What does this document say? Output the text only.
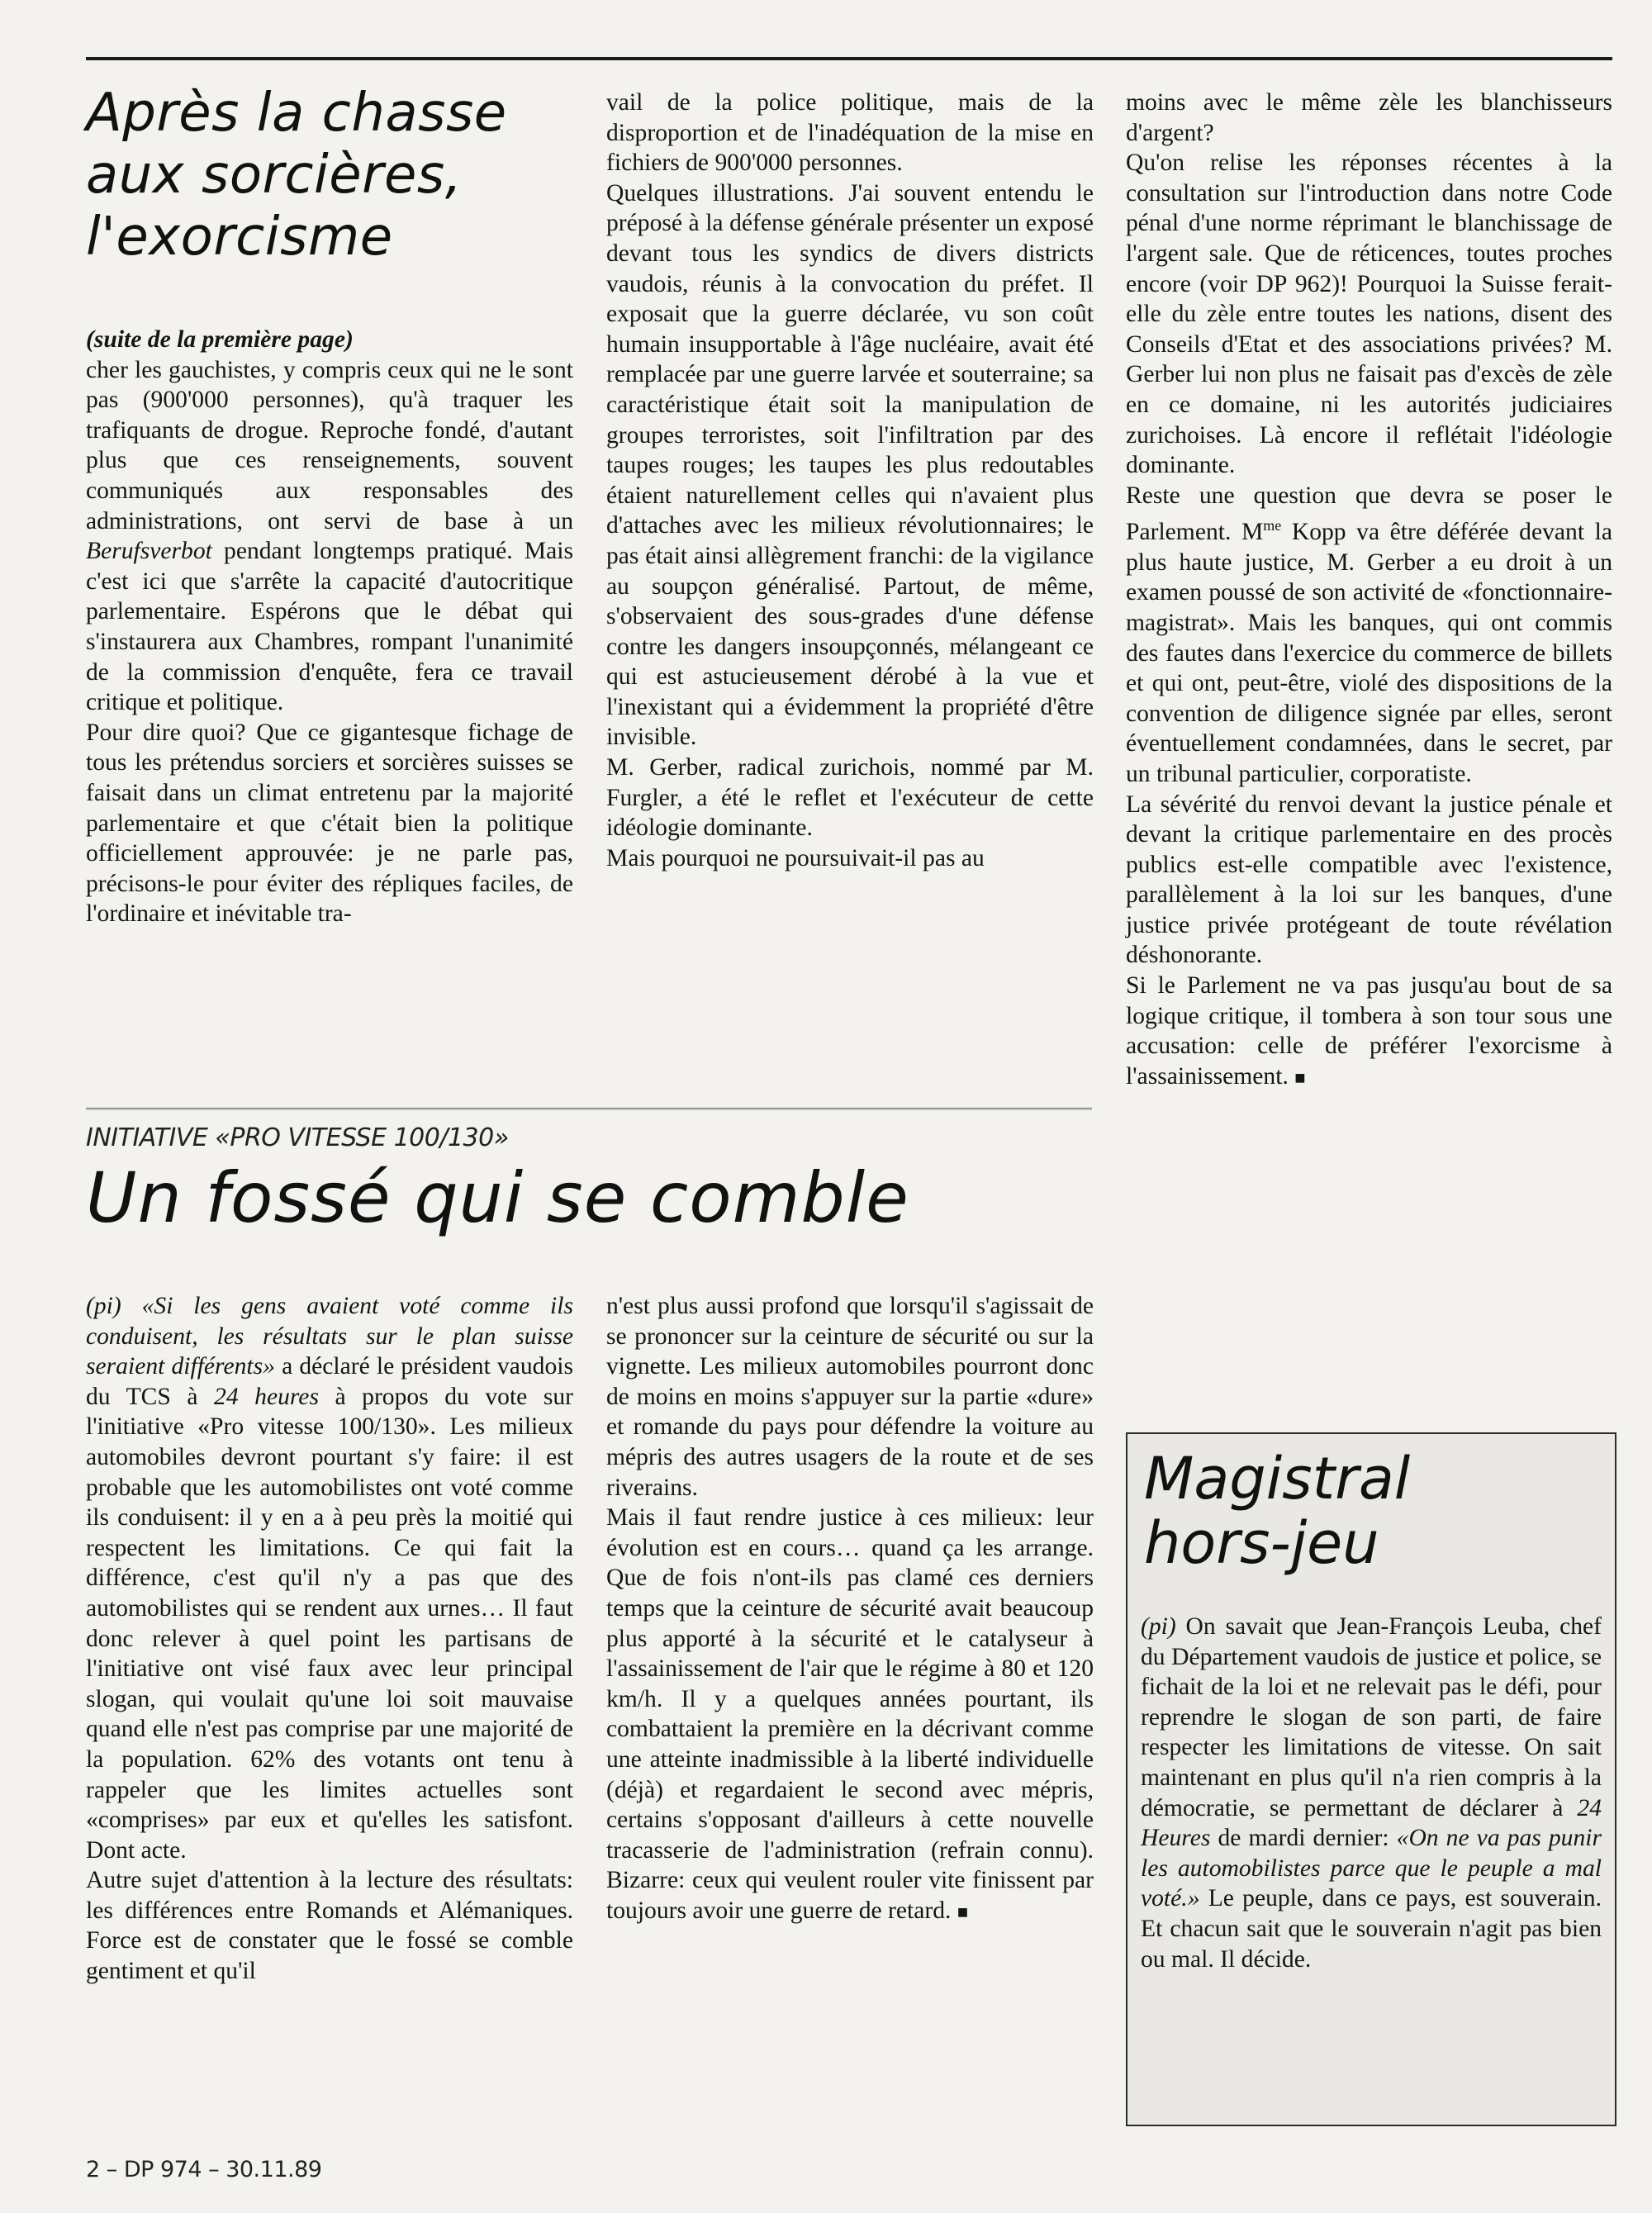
Après la chasse
aux sorcières,
l'exorcisme

(suite de la première page)

cher les gauchistes, y compris ceux qui ne le sont pas (900'000 personnes), qu'à traquer les trafiquants de drogue. Reproche fondé, d'autant plus que ces renseignements, souvent communiqués aux responsables des administrations, ont servi de base à un Berufsverbot pendant longtemps pratiqué. Mais c'est ici que s'arrête la capacité d'autocritique parlementaire. Espérons que le débat qui s'instaurera aux Chambres, rompant l'unanimité de la commission d'enquête, fera ce travail critique et politique.

Pour dire quoi? Que ce gigantesque fichage de tous les prétendus sorciers et sorcières suisses se faisait dans un climat entretenu par la majorité parlementaire et que c'était bien la politique officiellement approuvée: je ne parle pas, précisons-le pour éviter des répliques faciles, de l'ordinaire et inévitable tra-

vail de la police politique, mais de la disproportion et de l'inadéquation de la mise en fichiers de 900'000 personnes.

Quelques illustrations. J'ai souvent entendu le préposé à la défense générale présenter un exposé devant tous les syndics de divers districts vaudois, réunis à la convocation du préfet. Il exposait que la guerre déclarée, vu son coût humain insupportable à l'âge nucléaire, avait été remplacée par une guerre larvée et souterraine; sa caractéristique était soit la manipulation de groupes terroristes, soit l'infiltration par des taupes rouges; les taupes les plus redoutables étaient naturellement celles qui n'avaient plus d'attaches avec les milieux révolutionnaires; le pas était ainsi allègrement franchi: de la vigilance au soupçon généralisé. Partout, de même, s'observaient des sous-grades d'une défense contre les dangers insoupçonnés, mélangeant ce qui est astucieusement dérobé à la vue et l'inexistant qui a évidemment la propriété d'être invisible.

M. Gerber, radical zurichois, nommé par M. Furgler, a été le reflet et l'exécuteur de cette idéologie dominante.

Mais pourquoi ne poursuivait-il pas au

moins avec le même zèle les blanchisseurs d'argent?

Qu'on relise les réponses récentes à la consultation sur l'introduction dans notre Code pénal d'une norme réprimant le blanchissage de l'argent sale. Que de réticences, toutes proches encore (voir DP 962)! Pourquoi la Suisse ferait-elle du zèle entre toutes les nations, disent des Conseils d'Etat et des associations privées? M. Gerber lui non plus ne faisait pas d'excès de zèle en ce domaine, ni les autorités judiciaires zurichoises. Là encore il reflétait l'idéologie dominante.

Reste une question que devra se poser le Parlement. $M^{me}$ Kopp va être déférée devant la plus haute justice, M. Gerber a eu droit à un examen poussé de son activité de «fonctionnaire-magistrat». Mais les banques, qui ont commis des fautes dans l'exercice du commerce de billets et qui ont, peut-être, violé des dispositions de la convention de diligence signée par elles, seront éventuellement condamnées, dans le secret, par un tribunal particulier, corporatiste.

La sévérité du renvoi devant la justice pénale et devant la critique parlementaire en des procès publics est-elle compatible avec l'existence, parallèlement à la loi sur les banques, d'une justice privée protégeant de toute révélation déshonorante.

Si le Parlement ne va pas jusqu'au bout de sa logique critique, il tombera à son tour sous une accusation: celle de préférer l'exorcisme à l'assainissement. ■

INITIATIVE «PRO VITESSE 100/130»
Un fossé qui se comble

(pi) «Si les gens avaient voté comme ils conduisent, les résultats sur le plan suisse seraient différents» a déclaré le président vaudois du TCS à 24 heures à propos du vote sur l'initiative «Pro vitesse 100/130». Les milieux automobiles devront pourtant s'y faire: il est probable que les automobilistes ont voté comme ils conduisent: il y en a à peu près la moitié qui respectent les limitations. Ce qui fait la différence, c'est qu'il n'y a pas que des automobilistes qui se rendent aux urnes… Il faut donc relever à quel point les partisans de l'initiative ont visé faux avec leur principal slogan, qui voulait qu'une loi soit mauvaise quand elle n'est pas comprise par une majorité de la population. 62% des votants ont tenu à rappeler que les limites actuelles sont «comprises» par eux et qu'elles les satisfont. Dont acte.

Autre sujet d'attention à la lecture des résultats: les différences entre Romands et Alémaniques. Force est de constater que le fossé se comble gentiment et qu'il

n'est plus aussi profond que lorsqu'il s'agissait de se prononcer sur la ceinture de sécurité ou sur la vignette. Les milieux automobiles pourront donc de moins en moins s'appuyer sur la partie «dure» et romande du pays pour défendre la voiture au mépris des autres usagers de la route et de ses riverains.

Mais il faut rendre justice à ces milieux: leur évolution est en cours… quand ça les arrange. Que de fois n'ont-ils pas clamé ces derniers temps que la ceinture de sécurité avait beaucoup plus apporté à la sécurité et le catalyseur à l'assainissement de l'air que le régime à 80 et 120 km/h. Il y a quelques années pourtant, ils combattaient la première en la décrivant comme une atteinte inadmissible à la liberté individuelle (déjà) et regardaient le second avec mépris, certains s'opposant d'ailleurs à cette nouvelle tracasserie de l'administration (refrain connu). Bizarre: ceux qui veulent rouler vite finissent par toujours avoir une guerre de retard. ■

Magistral
hors-jeu

(pi) On savait que Jean-François Leuba, chef du Département vaudois de justice et police, se fichait de la loi et ne relevait pas le défi, pour reprendre le slogan de son parti, de faire respecter les limitations de vitesse. On sait maintenant en plus qu'il n'a rien compris à la démocratie, se permettant de déclarer à 24 Heures de mardi dernier: «On ne va pas punir les automobilistes parce que le peuple a mal voté.» Le peuple, dans ce pays, est souverain. Et chacun sait que le souverain n'agit pas bien ou mal. Il décide.

2 – DP 974 – 30.11.89
